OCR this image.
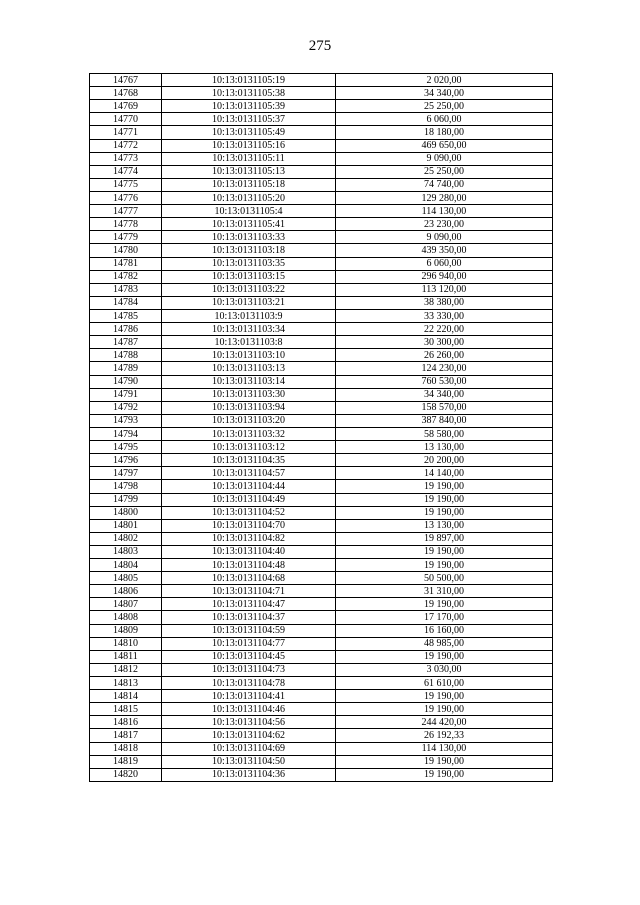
275
14767	10:13:0131105:19	2 020,00
14768	10:13:0131105:38	34 340,00
14769	10:13:0131105:39	25 250,00
14770	10:13:0131105:37	6 060,00
14771	10:13:0131105:49	18 180,00
14772	10:13:0131105:16	469 650,00
14773	10:13:0131105:11	9 090,00
14774	10:13:0131105:13	25 250,00
14775	10:13:0131105:18	74 740,00
14776	10:13:0131105:20	129 280,00
14777	10:13:0131105:4	114 130,00
14778	10:13:0131105:41	23 230,00
14779	10:13:0131103:33	9 090,00
14780	10:13:0131103:18	439 350,00
14781	10:13:0131103:35	6 060,00
14782	10:13:0131103:15	296 940,00
14783	10:13:0131103:22	113 120,00
14784	10:13:0131103:21	38 380,00
14785	10:13:0131103:9	33 330,00
14786	10:13:0131103:34	22 220,00
14787	10:13:0131103:8	30 300,00
14788	10:13:0131103:10	26 260,00
14789	10:13:0131103:13	124 230,00
14790	10:13:0131103:14	760 530,00
14791	10:13:0131103:30	34 340,00
14792	10:13:0131103:94	158 570,00
14793	10:13:0131103:20	387 840,00
14794	10:13:0131103:32	58 580,00
14795	10:13:0131103:12	13 130,00
14796	10:13:0131104:35	20 200,00
14797	10:13:0131104:57	14 140,00
14798	10:13:0131104:44	19 190,00
14799	10:13:0131104:49	19 190,00
14800	10:13:0131104:52	19 190,00
14801	10:13:0131104:70	13 130,00
14802	10:13:0131104:82	19 897,00
14803	10:13:0131104:40	19 190,00
14804	10:13:0131104:48	19 190,00
14805	10:13:0131104:68	50 500,00
14806	10:13:0131104:71	31 310,00
14807	10:13:0131104:47	19 190,00
14808	10:13:0131104:37	17 170,00
14809	10:13:0131104:59	16 160,00
14810	10:13:0131104:77	48 985,00
14811	10:13:0131104:45	19 190,00
14812	10:13:0131104:73	3 030,00
14813	10:13:0131104:78	61 610,00
14814	10:13:0131104:41	19 190,00
14815	10:13:0131104:46	19 190,00
14816	10:13:0131104:56	244 420,00
14817	10:13:0131104:62	26 192,33
14818	10:13:0131104:69	114 130,00
14819	10:13:0131104:50	19 190,00
14820	10:13:0131104:36	19 190,00
